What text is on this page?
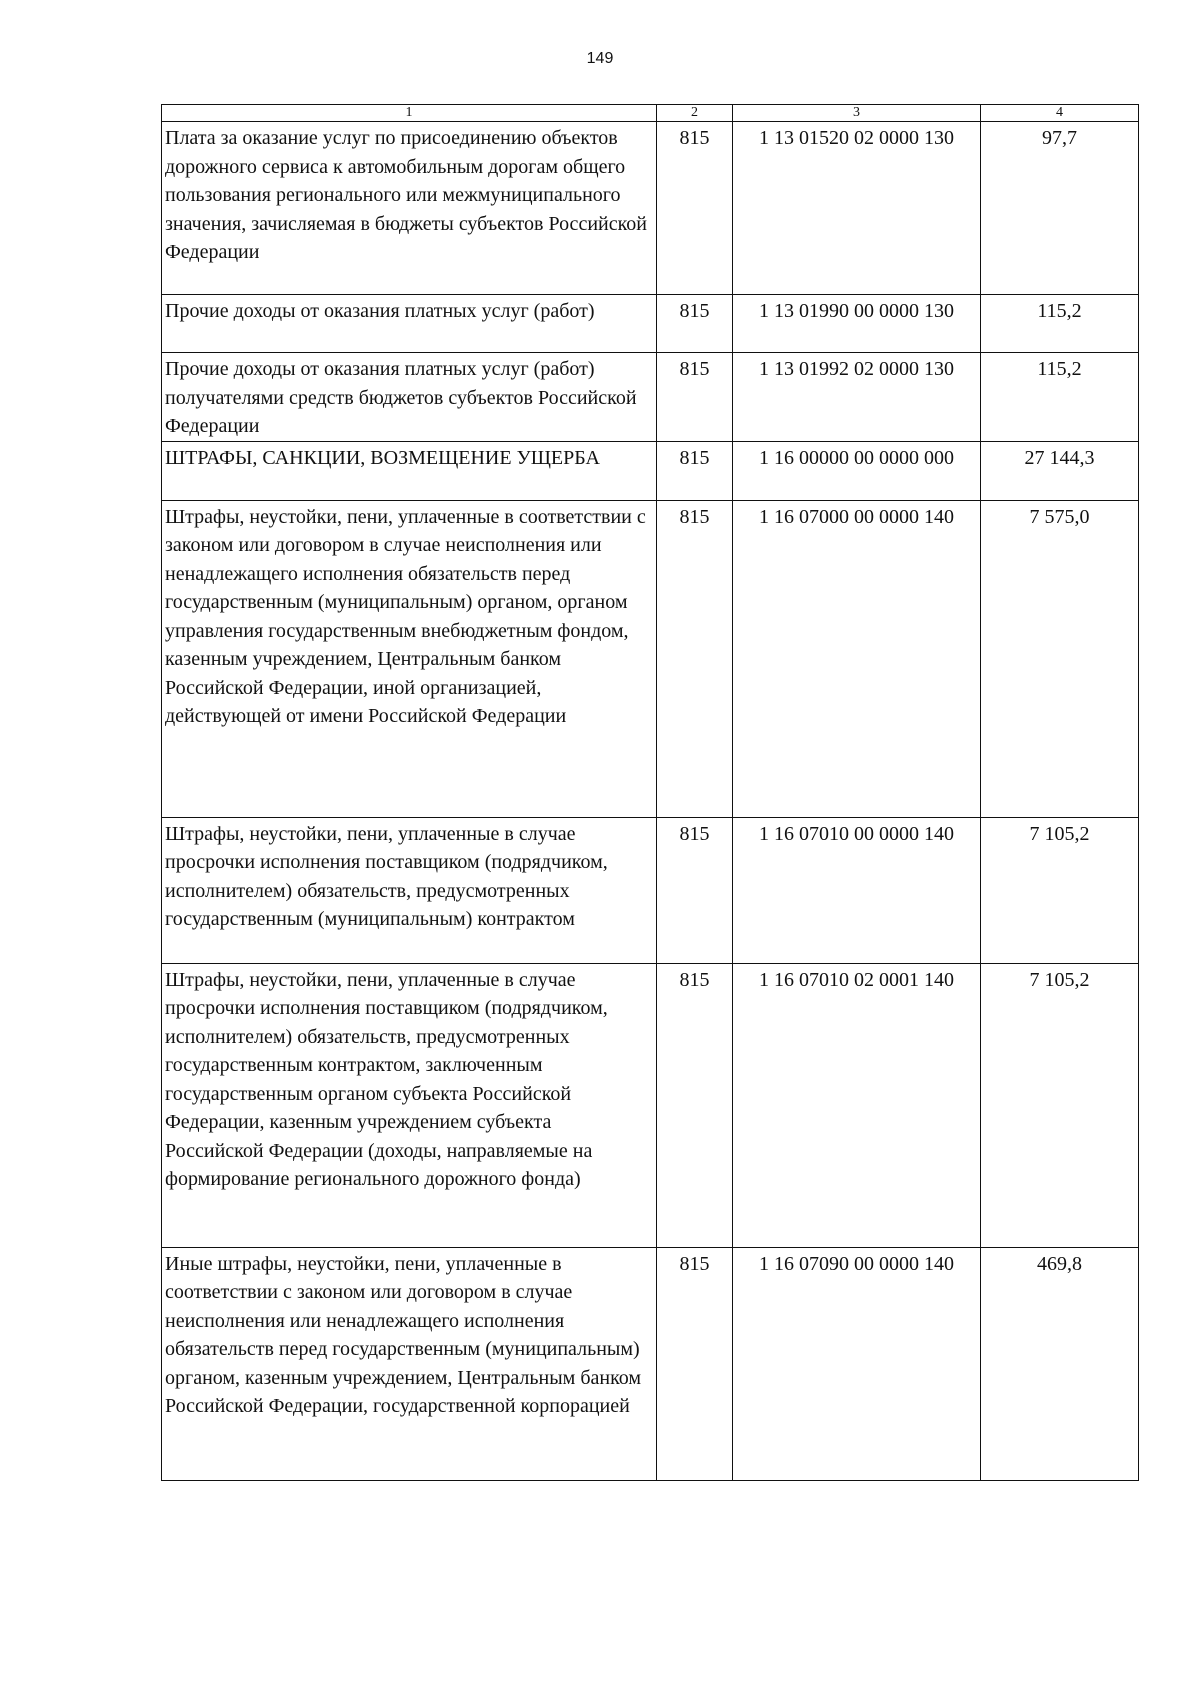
149
1	2	3	4
Плата за оказание услуг по присоединению объектов дорожного сервиса к автомобильным дорогам общего пользования регионального или межмуниципального значения, зачисляемая в бюджеты субъектов Российской Федерации	815	1 13 01520 02 0000 130	97,7
Прочие доходы от оказания платных услуг (работ)	815	1 13 01990 00 0000 130	115,2
Прочие доходы от оказания платных услуг (работ) получателями средств бюджетов субъектов Российской Федерации	815	1 13 01992 02 0000 130	115,2
ШТРАФЫ, САНКЦИИ, ВОЗМЕЩЕНИЕ УЩЕРБА	815	1 16 00000 00 0000 000	27 144,3
Штрафы, неустойки, пени, уплаченные в соответствии с законом или договором в случае неисполнения или ненадлежащего исполнения обязательств перед государственным (муниципальным) органом, органом управления государственным внебюджетным фондом, казенным учреждением, Центральным банком Российской Федерации, иной организацией, действующей от имени Российской Федерации	815	1 16 07000 00 0000 140	7 575,0
Штрафы, неустойки, пени, уплаченные в случае просрочки исполнения поставщиком (подрядчиком, исполнителем) обязательств, предусмотренных государственным (муниципальным) контрактом	815	1 16 07010 00 0000 140	7 105,2
Штрафы, неустойки, пени, уплаченные в случае просрочки исполнения поставщиком (подрядчиком, исполнителем) обязательств, предусмотренных государственным контрактом, заключенным государственным органом субъекта Российской Федерации, казенным учреждением субъекта Российской Федерации (доходы, направляемые на формирование регионального дорожного фонда)	815	1 16 07010 02 0001 140	7 105,2
Иные штрафы, неустойки, пени, уплаченные в соответствии с законом или договором в случае неисполнения или ненадлежащего исполнения обязательств перед государственным (муниципальным) органом, казенным учреждением, Центральным банком Российской Федерации, государственной корпорацией	815	1 16 07090 00 0000 140	469,8
